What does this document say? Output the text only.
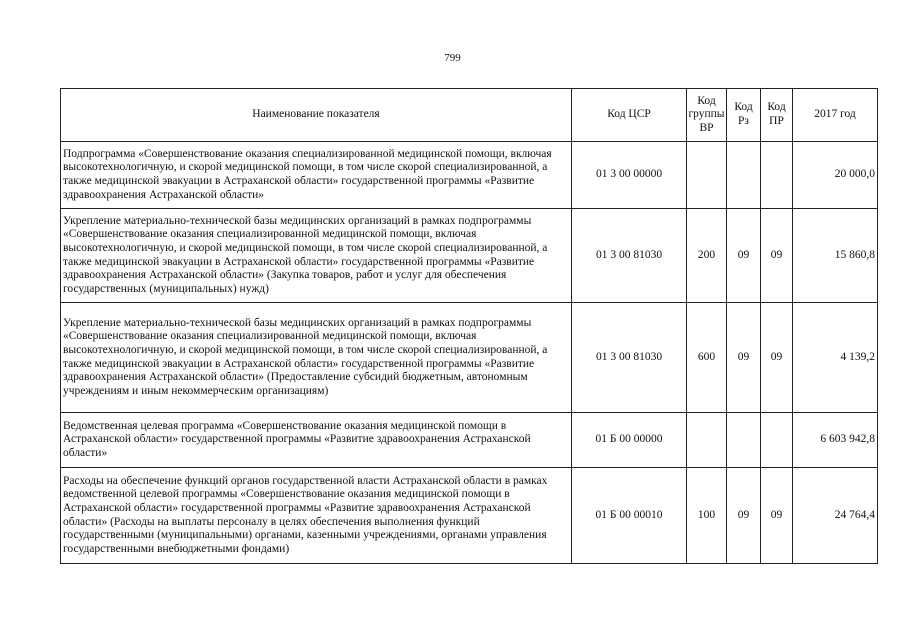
799
Наименование показателя	Код ЦСР	Код группы ВР	Код Рз	Код ПР	2017 год
Подпрограмма «Совершенствование оказания специализированной медицинской помощи, включая высокотехнологичную, и скорой медицинской помощи, в том числе скорой специализированной, а также медицинской эвакуации в Астраханской области» государственной программы «Развитие здравоохранения Астраханской области»	01 3 00 00000				20 000,0
Укрепление материально-технической базы медицинских организаций в рамках подпрограммы «Совершенствование оказания специализированной медицинской помощи, включая высокотехнологичную, и скорой медицинской помощи, в том числе скорой специализированной, а также медицинской эвакуации в Астраханской области» государственной программы «Развитие здравоохранения Астраханской области» (Закупка товаров, работ и услуг для обеспечения государственных (муниципальных) нужд)	01 3 00 81030	200	09	09	15 860,8
Укрепление материально-технической базы медицинских организаций в рамках подпрограммы «Совершенствование оказания специализированной медицинской помощи, включая высокотехнологичную, и скорой медицинской помощи, в том числе скорой специализированной, а также медицинской эвакуации в Астраханской области» государственной программы «Развитие здравоохранения Астраханской области» (Предоставление субсидий бюджетным, автономным учреждениям и иным некоммерческим организациям)	01 3 00 81030	600	09	09	4 139,2
Ведомственная целевая программа «Совершенствование оказания медицинской помощи в Астраханской области» государственной программы «Развитие здравоохранения Астраханской области»	01 Б 00 00000				6 603 942,8
Расходы на обеспечение функций органов государственной власти Астраханской области в рамках ведомственной целевой программы «Совершенствование оказания медицинской помощи в Астраханской области» государственной программы «Развитие здравоохранения Астраханской области» (Расходы на выплаты персоналу в целях обеспечения выполнения функций государственными (муниципальными) органами, казенными учреждениями, органами управления государственными внебюджетными фондами)	01 Б 00 00010	100	09	09	24 764,4
